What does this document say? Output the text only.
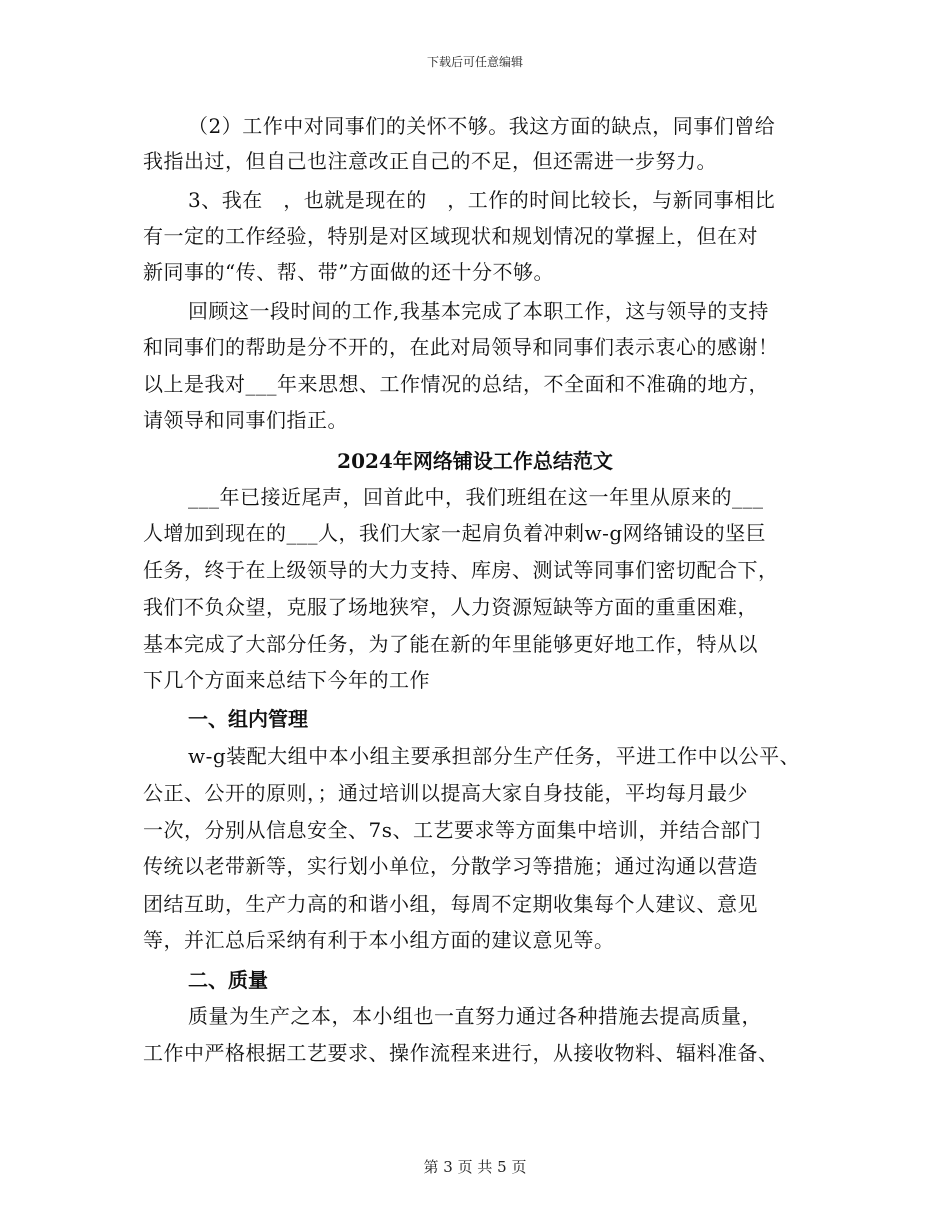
下载后可任意编辑
（2）工作中对同事们的关怀不够。我这方面的缺点，同事们曾给
我指出过，但自己也注意改正自己的不足，但还需进一步努力。
3、我在　，也就是现在的　，工作的时间比较长，与新同事相比
有一定的工作经验，特别是对区域现状和规划情况的掌握上，但在对
新同事的“传、帮、带”方面做的还十分不够。
回顾这一段时间的工作,我基本完成了本职工作，这与领导的支持
和同事们的帮助是分不开的，在此对局领导和同事们表示衷心的感谢！
以上是我对___年来思想、工作情况的总结，不全面和不准确的地方，
请领导和同事们指正。
2024年网络铺设工作总结范文
___年已接近尾声，回首此中，我们班组在这一年里从原来的___
人增加到现在的___人，我们大家一起肩负着冲刺w-g网络铺设的坚巨
任务，终于在上级领导的大力支持、库房、测试等同事们密切配合下，
我们不负众望，克服了场地狭窄，人力资源短缺等方面的重重困难，
基本完成了大部分任务，为了能在新的年里能够更好地工作，特从以
下几个方面来总结下今年的工作
一、组内管理
w-g装配大组中本小组主要承担部分生产任务，平进工作中以公平、
公正、公开的原则，；通过培训以提高大家自身技能，平均每月最少
一次，分别从信息安全、7s、工艺要求等方面集中培训，并结合部门
传统以老带新等，实行划小单位，分散学习等措施；通过沟通以营造
团结互助，生产力高的和谐小组，每周不定期收集每个人建议、意见
等，并汇总后采纳有利于本小组方面的建议意见等。
二、质量
质量为生产之本，本小组也一直努力通过各种措施去提高质量，
工作中严格根据工艺要求、操作流程来进行，从接收物料、辐料准备、
第 3 页 共 5 页
